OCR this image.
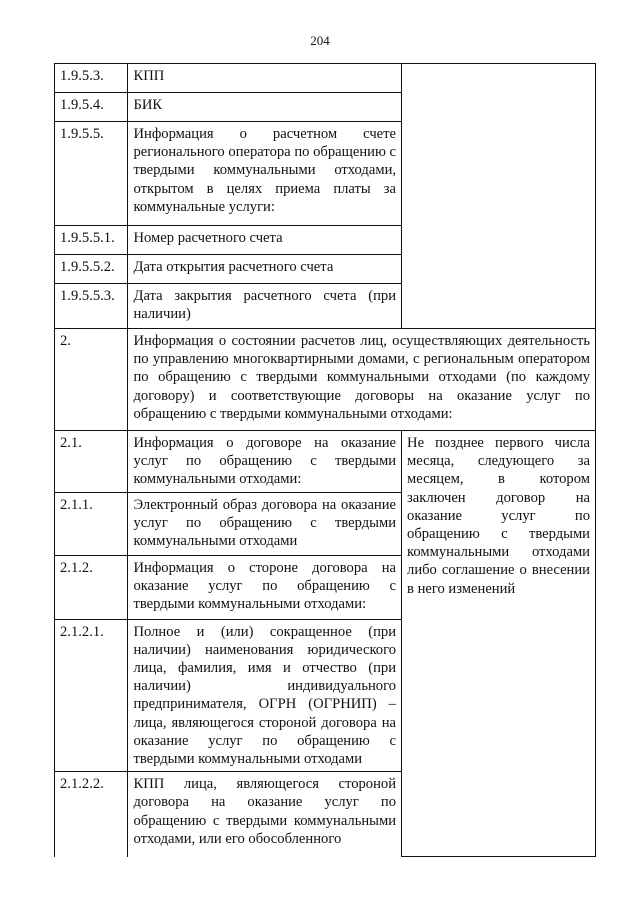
204
1.9.5.3.	КПП	
1.9.5.4.	БИК	
1.9.5.5.	Информация о расчетном счете регионального оператора по обращению с твердыми коммунальными отходами, открытом в целях приема платы за коммунальные услуги:	
1.9.5.5.1.	Номер расчетного счета	
1.9.5.5.2.	Дата открытия расчетного счета	
1.9.5.5.3.	Дата закрытия расчетного счета (при наличии)	
2.	Информация о состоянии расчетов лиц, осуществляющих деятельность по управлению многоквартирными домами, с региональным оператором по обращению с твердыми коммунальными отходами (по каждому договору) и соответствующие договоры на оказание услуг по обращению с твердыми коммунальными отходами:	
2.1.	Информация о договоре на оказание услуг по обращению с твердыми коммунальными отходами:	Не позднее первого числа месяца, следующего за месяцем, в котором заключен договор на оказание услуг по обращению с твердыми коммунальными отходами либо соглашение о внесении в него изменений

2.1.1.	Электронный образ договора на оказание услуг по обращению с твердыми коммунальными отходами	
2.1.2.	Информация о стороне договора на оказание услуг по обращению с твердыми коммунальными отходами:	
2.1.2.1.	Полное и (или) сокращенное (при наличии) наименования юридического лица, фамилия, имя и отчество (при наличии) индивидуального предпринимателя, ОГРН (ОГРНИП) – лица, являющегося стороной договора на оказание услуг по обращению с твердыми коммунальными отходами	
2.1.2.2.	КПП лица, являющегося стороной договора на оказание услуг по обращению с твердыми коммунальными отходами, или его обособленного	
